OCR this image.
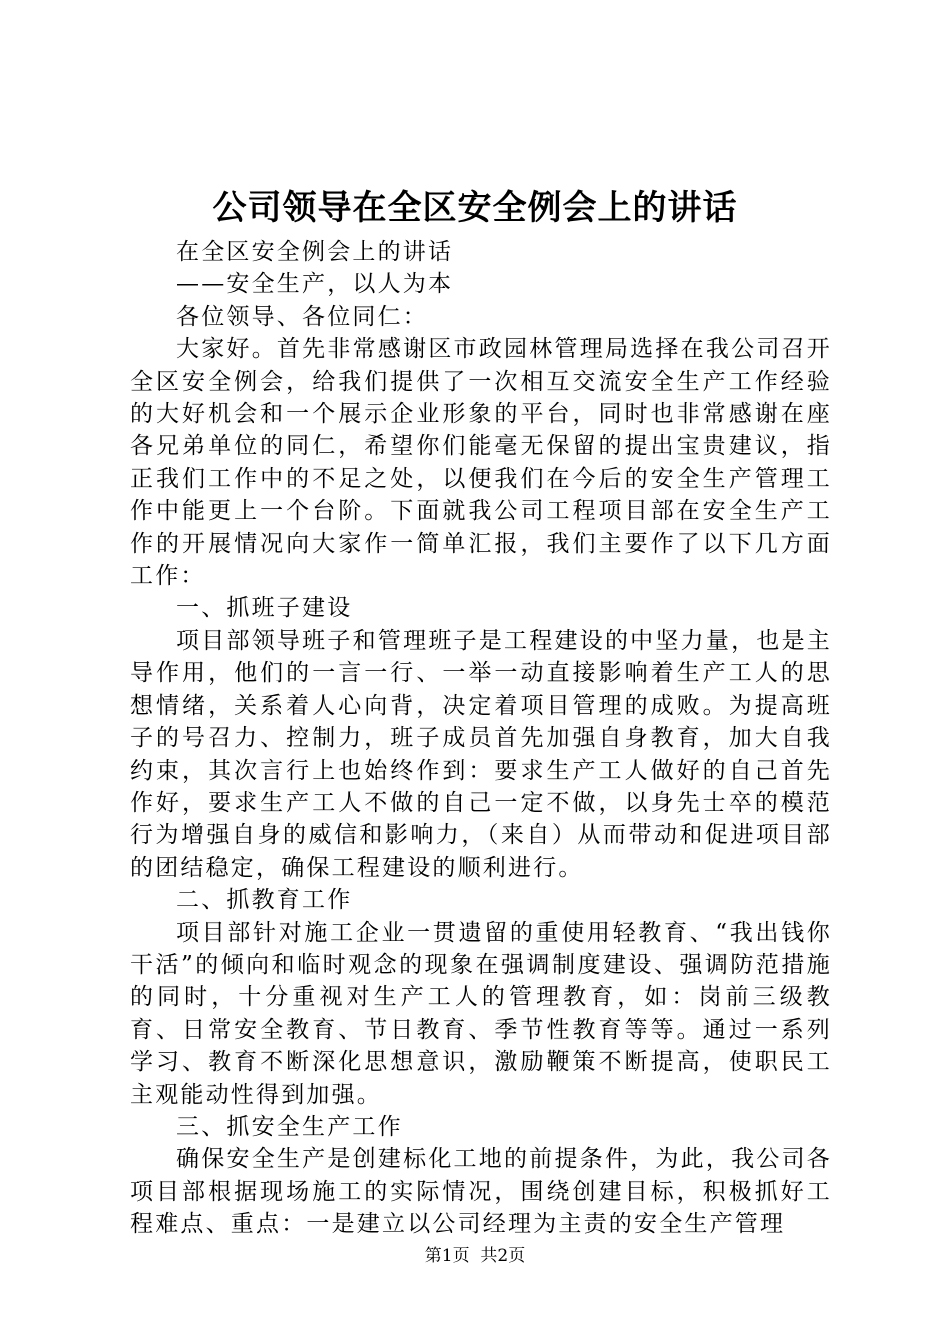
公司领导在全区安全例会上的讲话

在全区安全例会上的讲话

——安全生产，以人为本

各位领导、各位同仁：

大家好。首先非常感谢区市政园林管理局选择在我公司召开全区安全例会，给我们提供了一次相互交流安全生产工作经验的大好机会和一个展示企业形象的平台，同时也非常感谢在座各兄弟单位的同仁，希望你们能毫无保留的提出宝贵建议，指正我们工作中的不足之处，以便我们在今后的安全生产管理工作中能更上一个台阶。下面就我公司工程项目部在安全生产工作的开展情况向大家作一简单汇报，我们主要作了以下几方面工作：

一、抓班子建设

项目部领导班子和管理班子是工程建设的中坚力量，也是主导作用，他们的一言一行、一举一动直接影响着生产工人的思想情绪，关系着人心向背，决定着项目管理的成败。为提高班子的号召力、控制力，班子成员首先加强自身教育，加大自我约束，其次言行上也始终作到：要求生产工人做好的自己首先作好，要求生产工人不做的自己一定不做，以身先士卒的模范行为增强自身的威信和影响力，（来自）从而带动和促进项目部的团结稳定，确保工程建设的顺利进行。

二、抓教育工作

项目部针对施工企业一贯遗留的重使用轻教育、“我出钱你干活”的倾向和临时观念的现象在强调制度建设、强调防范措施的同时，十分重视对生产工人的管理教育，如：岗前三级教育、日常安全教育、节日教育、季节性教育等等。通过一系列学习、教育不断深化思想意识，激励鞭策不断提高，使职民工主观能动性得到加强。

三、抓安全生产工作

确保安全生产是创建标化工地的前提条件，为此，我公司各项目部根据现场施工的实际情况，围绕创建目标，积极抓好工程难点、重点：一是建立以公司经理为主责的安全生产管理

第1页  共2页
